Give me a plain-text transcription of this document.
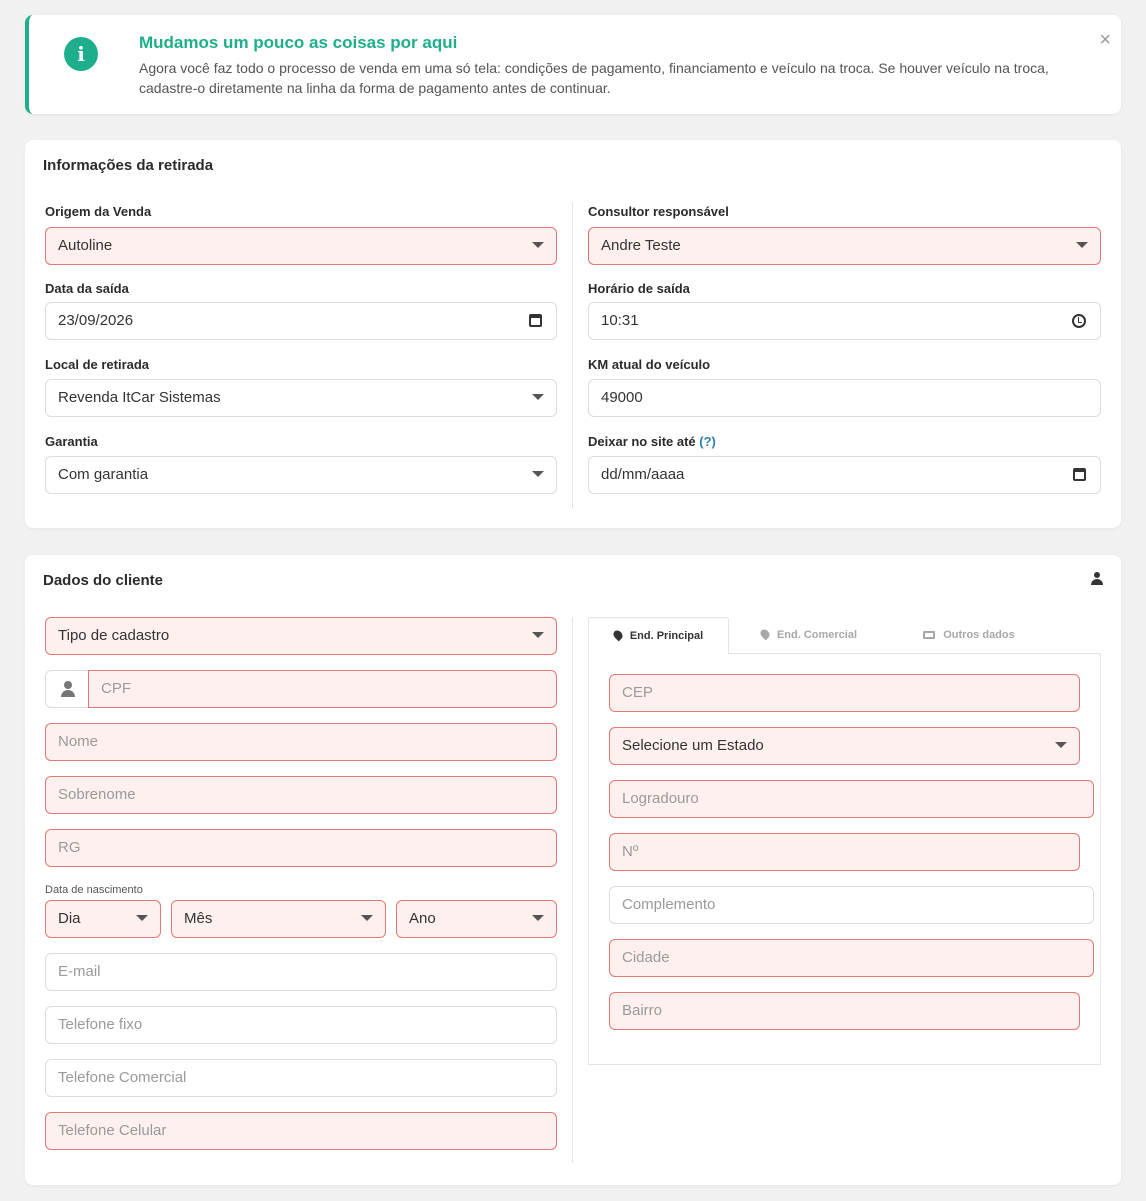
i	Mudamos um pouco as coisas por aqui
Agora você faz todo o processo de venda em uma só tela: condições de pagamento, financiamento e veículo na troca. Se houver veículo na troca, cadastre-o diretamente na linha da forma de pagamento antes de continuar.
×
Informações da retirada
Origem da Venda
Autoline
Consultor responsável
Andre Teste
Data da saída
23/09/2026
Horário de saída
10:31
Local de retirada
Revenda ItCar Sistemas
KM atual do veículo
49000
Garantia
Com garantia
Deixar no site até (?)
dd/mm/aaaa
Dados do cliente
Tipo de cadastro
CPF
Nome
Sobrenome
RG
Data de nascimento
Dia	Mês	Ano
E-mail
Telefone fixo
Telefone Comercial
Telefone Celular
End. Principal	End. Comercial	Outros dados
CEP
Selecione um Estado
Logradouro
Nº
Complemento
Cidade
Bairro
